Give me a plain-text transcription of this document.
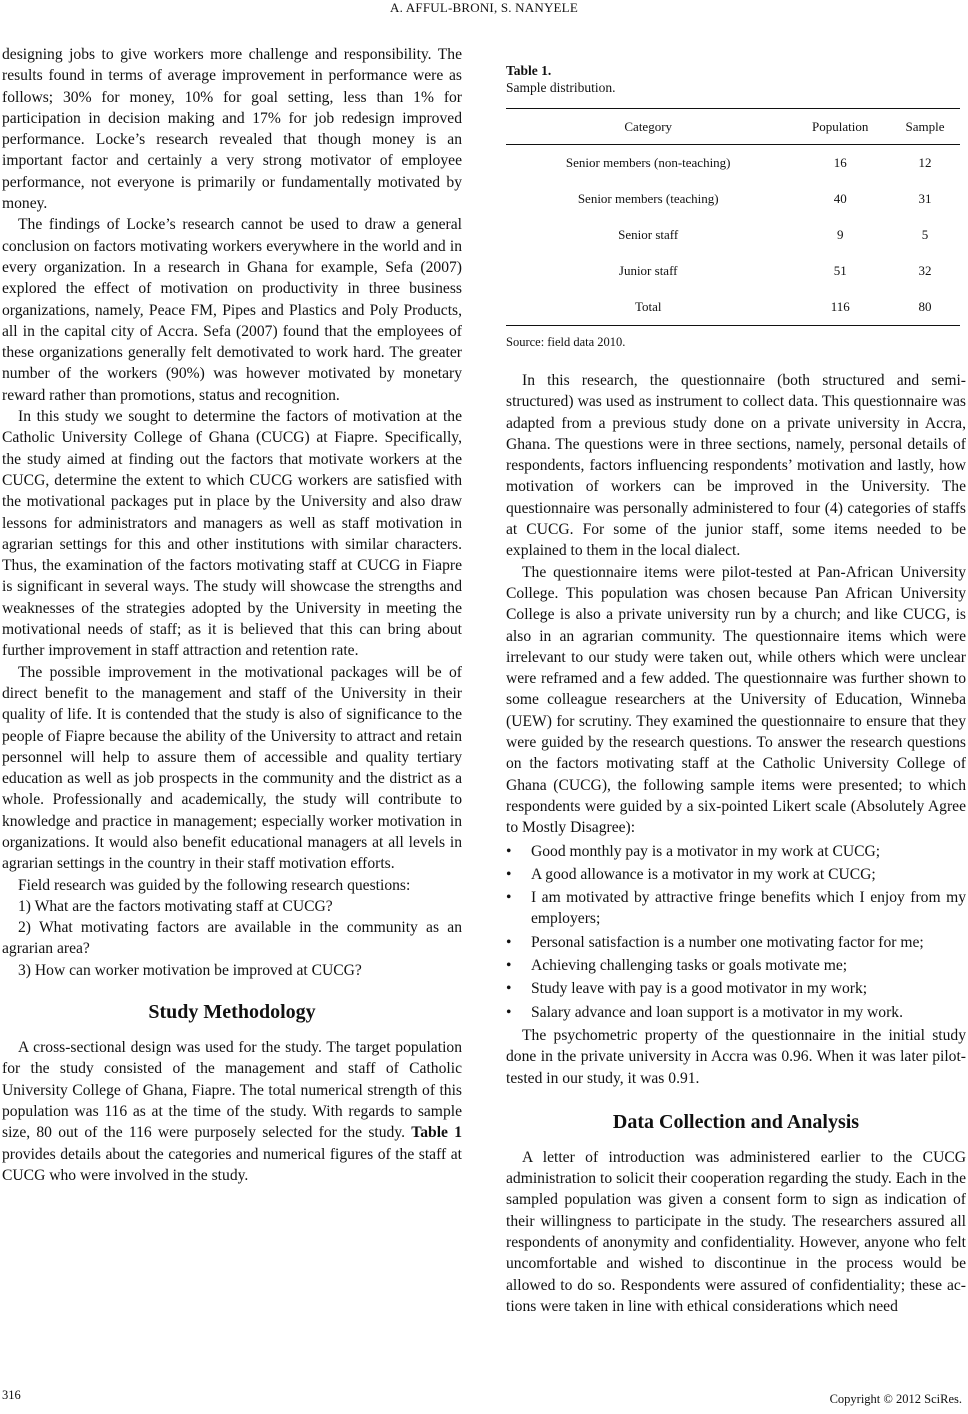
A. AFFUL-BRONI, S. NANYELE

designing jobs to give workers more challenge and responsibility. The results found in terms of average improvement in performance were as follows; 30% for money, 10% for goal setting, less than 1% for participation in decision making and 17% for job redesign improved performance. Locke’s research revealed that though money is an important factor and certainly a very strong motivator of employee performance, not everyone is primarily or fundamentally motivated by money.

The findings of Locke’s research cannot be used to draw a general conclusion on factors motivating workers everywhere in the world and in every organization. In a research in Ghana for example, Sefa (2007) explored the effect of motivation on productivity in three business organizations, namely, Peace FM, Pipes and Plastics and Poly Products, all in the capital city of Accra. Sefa (2007) found that the employees of these organizations generally felt demotivated to work hard. The greater number of the workers (90%) was however motivated by monetary reward rather than promotions, status and recognition.

In this study we sought to determine the factors of motivation at the Catholic University College of Ghana (CUCG) at Fiapre. Specifically, the study aimed at finding out the factors that motivate workers at the CUCG, determine the extent to which CUCG workers are satisfied with the motivational packages put in place by the University and also draw lessons for administrators and managers as well as staff motivation in agrarian settings for this and other institutions with similar characters. Thus, the examination of the factors motivating staff at CUCG in Fiapre is significant in several ways. The study will showcase the strengths and weaknesses of the strategies adopted by the University in meeting the motivational needs of staff; as it is believed that this can bring about further improvement in staff attraction and retention rate.

The possible improvement in the motivational packages will be of direct benefit to the management and staff of the University in their quality of life. It is contended that the study is also of significance to the people of Fiapre because the ability of the University to attract and retain personnel will help to assure them of accessible and quality tertiary education as well as job prospects in the community and the district as a whole. Professionally and academically, the study will contribute to knowledge and practice in management; especially worker motivation in organizations. It would also benefit educational managers at all levels in agrarian settings in the country in their staff motivation efforts.

Field research was guided by the following research questions:

1) What are the factors motivating staff at CUCG?

2) What motivating factors are available in the community as an agrarian area?

3) How can worker motivation be improved at CUCG?

Study Methodology

A cross-sectional design was used for the study. The target population for the study consisted of the management and staff of Catholic University College of Ghana, Fiapre. The total numerical strength of this population was 116 as at the time of the study. With regards to sample size, 80 out of the 116 were purposely selected for the study. Table 1 provides details about the categories and numerical figures of the staff at CUCG who were involved in the study.

Table 1.
Sample distribution.
Category	Population	Sample
Senior members (non-teaching)	16	12
Senior members (teaching)	40	31
Senior staff	9	5
Junior staff	51	32
Total	116	80
Source: field data 2010.

In this research, the questionnaire (both structured and semi-structured) was used as instrument to collect data. This questionnaire was adapted from a previous study done on a private university in Accra, Ghana. The questions were in three sections, namely, personal details of respondents, factors influencing respondents’ motivation and lastly, how motivation of workers can be improved in the University. The questionnaire was personally administered to four (4) categories of staffs at CUCG. For some of the junior staff, some items needed to be explained to them in the local dialect.

The questionnaire items were pilot-tested at Pan-African University College. This population was chosen because Pan African University College is also a private university run by a church; and like CUCG, is also in an agrarian community. The questionnaire items which were irrelevant to our study were taken out, while others which were unclear were reframed and a few added. The questionnaire was further shown to some colleague researchers at the University of Education, Winneba (UEW) for scrutiny. They examined the questionnaire to ensure that they were guided by the research questions. To answer the research questions on the factors motivating staff at the Catholic University College of Ghana (CUCG), the following sample items were presented; to which respondents were guided by a six-pointed Likert scale (Absolutely Agree to Mostly Disagree):

• Good monthly pay is a motivator in my work at CUCG;
• A good allowance is a motivator in my work at CUCG;
• I am motivated by attractive fringe benefits which I enjoy from my employers;
• Personal satisfaction is a number one motivating factor for me;
• Achieving challenging tasks or goals motivate me;
• Study leave with pay is a good motivator in my work;
• Salary advance and loan support is a motivator in my work.

The psychometric property of the questionnaire in the initial study done in the private university in Accra was 0.96. When it was later pilot-tested in our study, it was 0.91.

Data Collection and Analysis

A letter of introduction was administered earlier to the CUCG administration to solicit their cooperation regarding the study. Each in the sampled population was given a consent form to sign as indication of their willingness to participate in the study. The researchers assured all respondents of anonymity and confidentiality. However, anyone who felt uncomfortable and wished to discontinue in the process would be allowed to do so. Respondents were assured of confidentiality; these actions were taken in line with ethical considerations which need

316	Copyright © 2012 SciRes.
